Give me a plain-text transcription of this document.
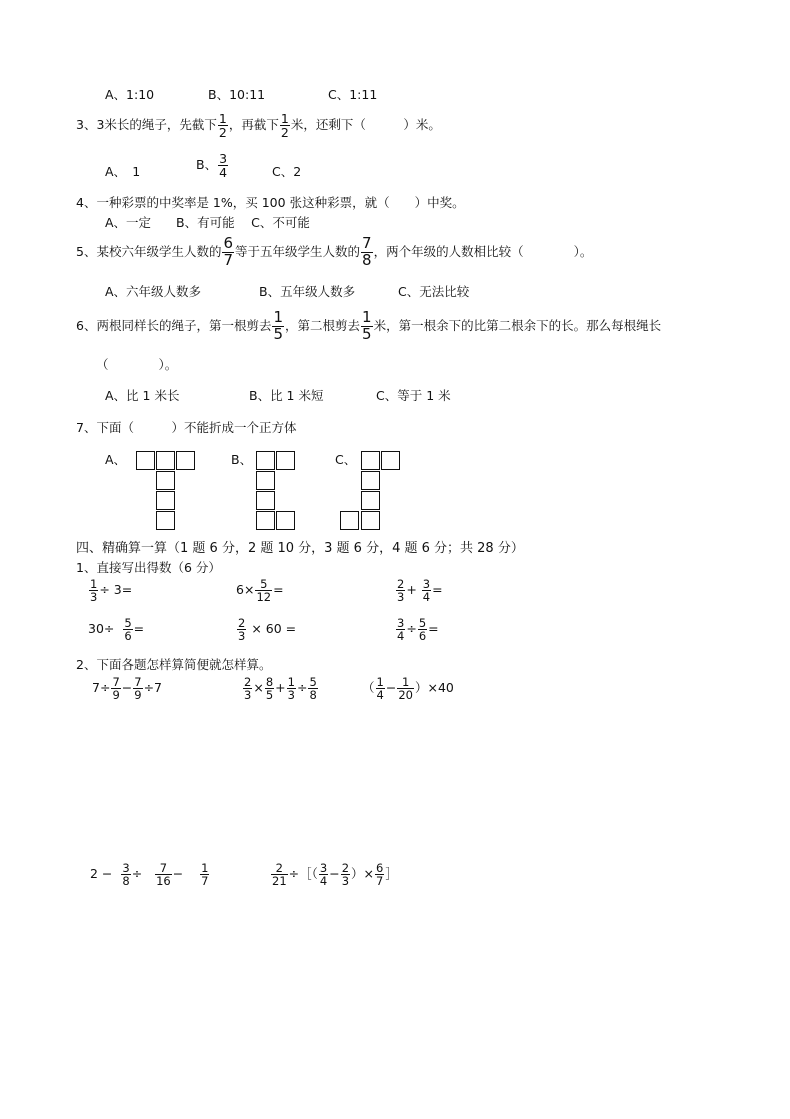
A、1:10	B、10:11	C、1:11
3、3米长的绳子，先截下 $\frac{1}{2}$ ，再截下 $\frac{1}{2}$ 米，还剩下（　　　）米。
A、　1	B、 $\frac{3}{4}$	C、2
4、一种彩票的中奖率是 1%，买 100 张这种彩票，就（　　）中奖。
A、一定　　B、有可能　 C、不可能
5、某校六年级学生人数的 $\frac{6}{7}$ 等于五年级学生人数的 $\frac{7}{8}$ ，两个年级的人数相比较（　　　　）。
A、六年级人数多	B、五年级人数多	C、无法比较
6、两根同样长的绳子，第一根剪去 $\frac{1}{5}$ ，第二根剪去 $\frac{1}{5}$ 米，第一根余下的比第二根余下的长。那么每根绳长
（　　　　）。
A、比 1 米长	B、比 1 米短	C、等于 1 米
7、下面（　　　）不能折成一个正方体
A、	B、	C、
四、精确算一算（1 题 6 分，2 题 10 分，3 题 6 分，4 题 6 分；共 28 分）
1、直接写出得数（6 分）
$\frac{1}{3} \div 3=$	$6\times \frac{5}{12}$ =	$\frac{2}{3} + \frac{3}{4}$ =
$30\div \frac{5}{6}$ =	$\frac{2}{3} \times 60$ =	$\frac{3}{4} \div \frac{5}{6}$ =
2、下面各题怎样算简便就怎样算。
$7\div \frac{7}{9} - \frac{7}{9} \div 7$	$\frac{2}{3} \times \frac{8}{5} + \frac{1}{3} \div \frac{5}{8}$	（ $\frac{1}{4} - \frac{1}{20} )\times 40$
$2 - \frac{3}{8} \div \frac{7}{16} - \frac{1}{7}$	$\frac{2}{21}$ ÷［（ $\frac{3}{4} - \frac{2}{3}$ ）× $\frac{6}{7}$ ］
